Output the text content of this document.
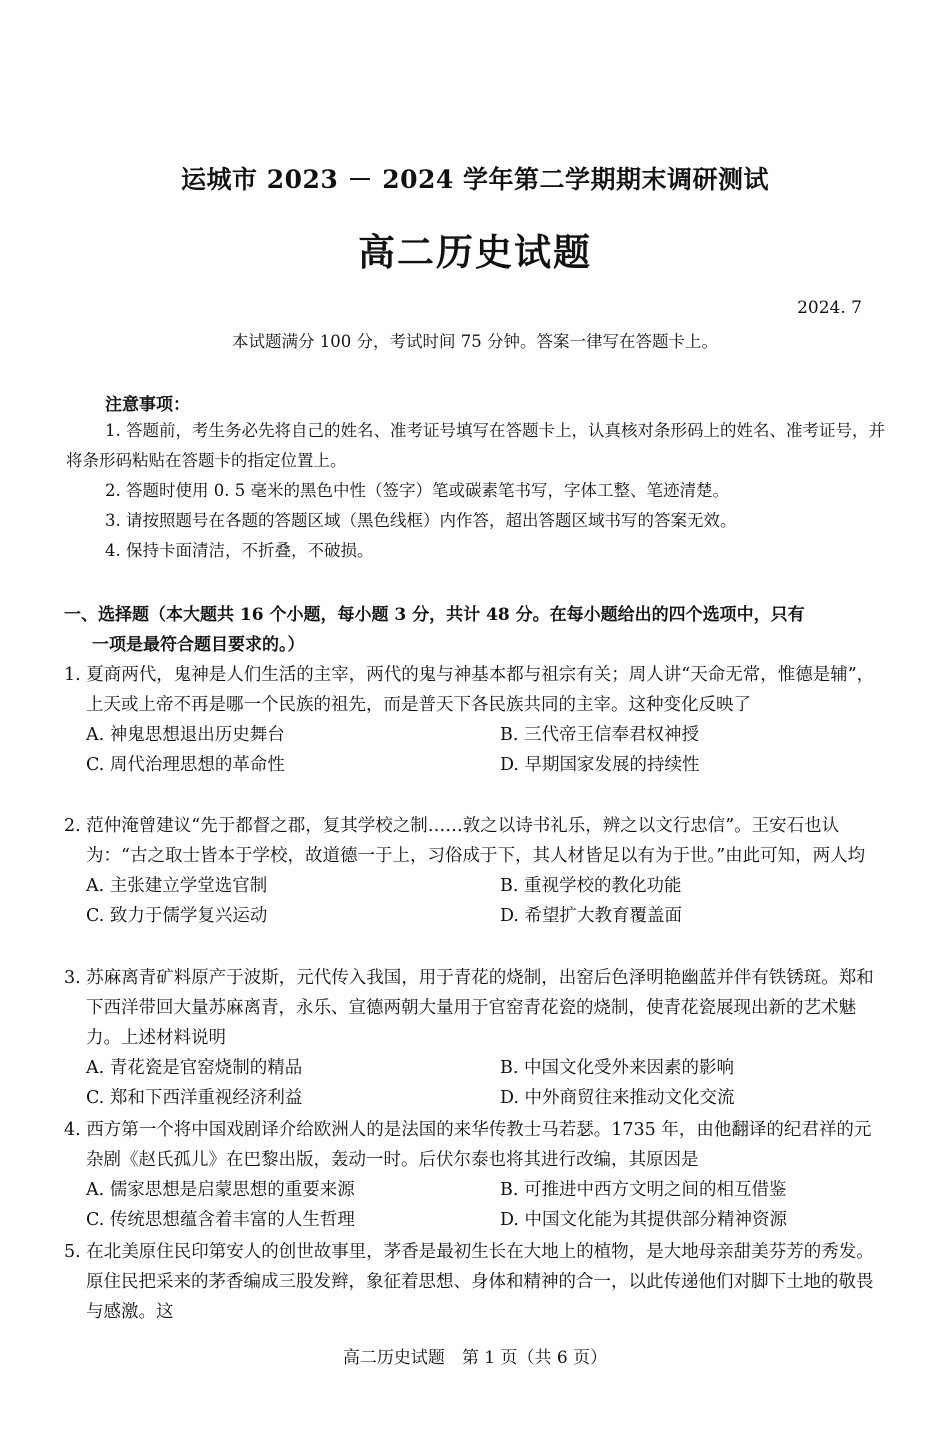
运城市 2023 － 2024 学年第二学期期末调研测试
高二历史试题
2024. 7
本试题满分 100 分，考试时间 75 分钟。答案一律写在答题卡上。
注意事项：

1. 答题前，考生务必先将自己的姓名、准考证号填写在答题卡上，认真核对条形码上的姓名、准考证号，并将条形码粘贴在答题卡的指定位置上。

2. 答题时使用 0. 5 毫米的黑色中性（签字）笔或碳素笔书写，字体工整、笔迹清楚。

3. 请按照题号在各题的答题区域（黑色线框）内作答，超出答题区域书写的答案无效。

4. 保持卡面清洁，不折叠，不破损。

一、选择题（本大题共 16 个小题，每小题 3 分，共计 48 分。在每小题给出的四个选项中，只有
一项是最符合题目要求的。）

1. 夏商两代，鬼神是人们生活的主宰，两代的鬼与神基本都与祖宗有关；周人讲“天命无常，惟德是辅”，上天或上帝不再是哪一个民族的祖先，而是普天下各民族共同的主宰。这种变化反映了

A. 神鬼思想退出历史舞台	B. 三代帝王信奉君权神授
C. 周代治理思想的革命性	D. 早期国家发展的持续性

2. 范仲淹曾建议“先于都督之郡，复其学校之制……敦之以诗书礼乐，辨之以文行忠信”。王安石也认为：“古之取士皆本于学校，故道德一于上，习俗成于下，其人材皆足以有为于世。”由此可知，两人均

A. 主张建立学堂选官制	B. 重视学校的教化功能
C. 致力于儒学复兴运动	D. 希望扩大教育覆盖面

3. 苏麻离青矿料原产于波斯，元代传入我国，用于青花的烧制，出窑后色泽明艳幽蓝并伴有铁锈斑。郑和下西洋带回大量苏麻离青，永乐、宣德两朝大量用于官窑青花瓷的烧制，使青花瓷展现出新的艺术魅力。上述材料说明

A. 青花瓷是官窑烧制的精品	B. 中国文化受外来因素的影响
C. 郑和下西洋重视经济利益	D. 中外商贸往来推动文化交流

4. 西方第一个将中国戏剧译介给欧洲人的是法国的来华传教士马若瑟。1735 年，由他翻译的纪君祥的元杂剧《赵氏孤儿》在巴黎出版，轰动一时。后伏尔泰也将其进行改编，其原因是

A. 儒家思想是启蒙思想的重要来源	B. 可推进中西方文明之间的相互借鉴
C. 传统思想蕴含着丰富的人生哲理	D. 中国文化能为其提供部分精神资源

5. 在北美原住民印第安人的创世故事里，茅香是最初生长在大地上的植物，是大地母亲甜美芬芳的秀发。原住民把采来的茅香编成三股发辫，象征着思想、身体和精神的合一，以此传递他们对脚下土地的敬畏与感激。这

高二历史试题　第 1 页（共 6 页）
